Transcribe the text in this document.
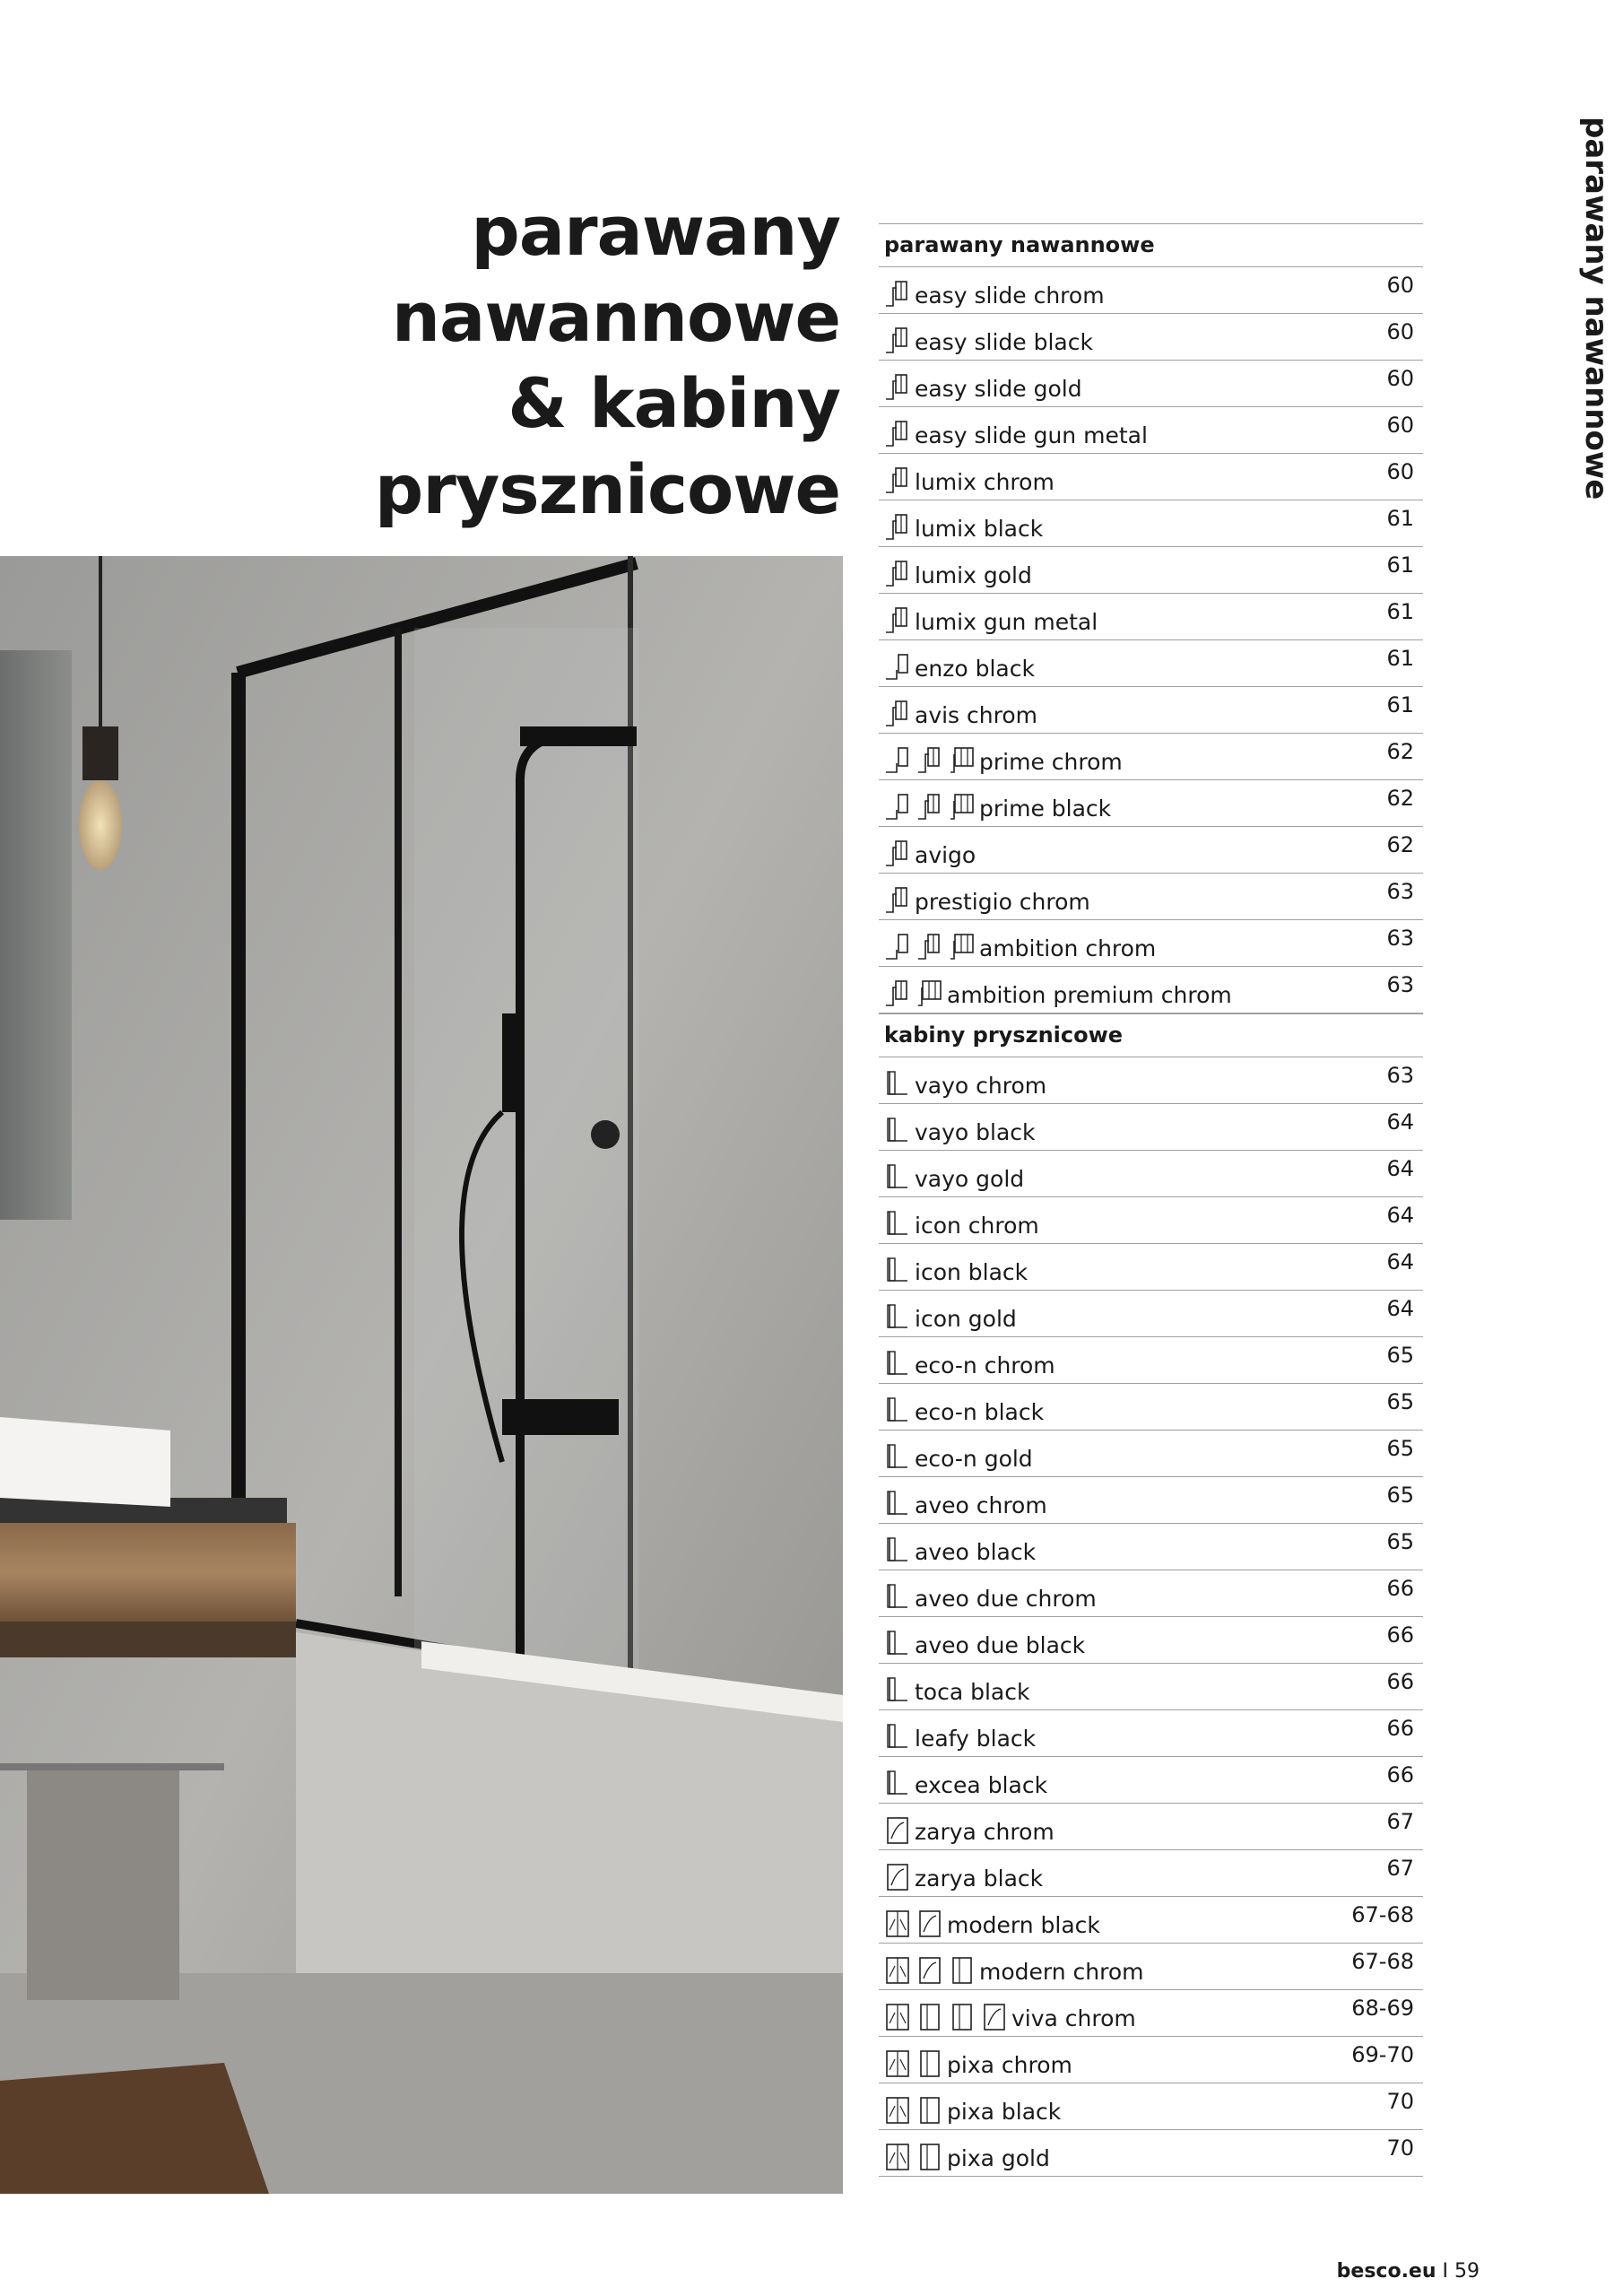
parawany
nawannowe
& kabiny
prysznicowe	parawany nawannowe
parawany nawannowe
easy slide chrom	60
easy slide black	60
easy slide gold	60
easy slide gun metal	60
lumix chrom	60
lumix black	61
lumix gold	61
lumix gun metal	61
enzo black	61
avis chrom	61
prime chrom	62
prime black	62
avigo	62
prestigio chrom	63
ambition chrom	63
ambition premium chrom	63
kabiny prysznicowe
vayo chrom	63
vayo black	64
vayo gold	64
icon chrom	64
icon black	64
icon gold	64
eco-n chrom	65
eco-n black	65
eco-n gold	65
aveo chrom	65
aveo black	65
aveo due chrom	66
aveo due black	66
toca black	66
leafy black	66
excea black	66
zarya chrom	67
zarya black	67
modern black	67-68
modern chrom	67-68
viva chrom	68-69
pixa chrom	69-70
pixa black	70
pixa gold	70
besco.eu I 59
